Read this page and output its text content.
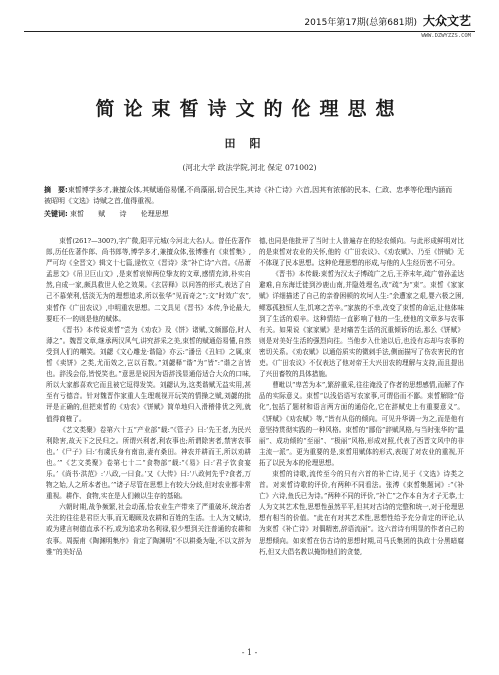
2015年第17期(总第681期) 大众文艺
WWW.DZWYZZS.COM
简论束皙诗文的伦理思想
田阳
(河北大学 政法学院,河北 保定 071002)
摘　要:束皙博学多才,兼擅众体,其赋通俗易懂,不尚藻丽,切合民生,其诗《补亡诗》六首,因其有浓郁的民本、仁政、忠孝等伦理内涵而被昭明《文选》诗赋之首,值得重视。
关键词: 束皙 赋 诗 伦理思想

束皙(261?—300?),字广微,阳平元城(今河北大名)人。曾任佐著作郎,历任佐著作郎、尚书郎等,博学多才,兼擅众体,张博雅有《束皙集》,严可均《全晋文》辑文十七篇,逯钦立《晋诗》录“补亡诗”六首。《吊萧孟思文》《吊卫巨山文》,是束皙哀悼两位挚友的文章,感情充沛,朴实自然,自成一家,颇具救世人伦之效果。《玄居释》以问答的形式,表达了自己不慕荣利,恬淡无为的理想追求,所以张华“见而奇之”;文“时效广农”,束皙作《广田农议》,申明重农思想。二文具见《晋书》本传,争论最大,要旺不一的则是他的赋体。

《晋书》本传说束皙“尝为《劝农》及《饼》诸赋,文颇鄙俗,时人薄之”。魏晋文章,继承两汉风气,讲究辞采之美,束皙的赋通俗易懂,自然受到人们的嘲笑。刘勰《文心雕龙·谐隐》亦云:“潘岳《丑妇》之属,束皙《卖饼》之类,尤而效之,岂以百数。”刘勰释“谐”为“皆”:“谐之言皆也。辞浅会俗,皆悦笑也。”意思是说因为语辞浅显通俗适合大众的口味,所以大家都喜欢它而且被它逗得发笑。刘勰认为,这类谐赋无益实用,甚至有亏德音。针对魏晋作家重人生理观视开玩笑的情操之赋,刘勰的批评是正确的,但把束皙的《劝农》《饼赋》简单地归入滑稽俳优之列,就值得商榷了。

《艺文类聚》卷第六十五“产业部”载:“《管子》曰:‘先王者,为民兴利除害,故天下之民归之。所谓兴利者,利农事也;所谓除害者,禁害农事也。’《尸子》曰:‘有虞氏身有南亩,妻有桑田。神农并耕而王,所以劝耕也。’”《艺文类聚》卷第七十二“食物部”载:“《易》曰:‘君子饮食宴乐。’《尚书·洪范》:‘八政,一曰食。’又《大传》曰:‘八政何先乎?食者,万物之始,人之所本者也。’”诸子尽管在思想上有较大分歧,但对农业都非常重视。耕作、食物,实在是人们赖以生存的基础。

六朝时期,战争频繁,社会动荡,恰农业生产带来了严重破坏,统治者关注的往往是君臣大事,而无暇顾及农耕和百姓的生活。士人为文赋诗,或为建言树德直承不朽,或为追求功名利禄,很少想到关注普通的农耕和农事。周振甫《陶渊明集序》肯定了陶渊明“不以耕桑为耻,不以文辞为雅”的美好品

德,也同是他批评了当时士人普遍存在的轻农倾向。与此形成鲜明对比的是束皙对农业的关怀,他的《广田农议》、《劝农赋》、乃至《饼赋》无不体现了民本思想。这种伦理思想的形成,与他的人生经历密不可分。

《晋书》本传载:束皙为汉太子博疏广之后,王莽末年,疏广曾孙孟达避难,自东海迁徙到沙鹿山南,并隐姓埋名,改“疏”为“束”。束皙《家家赋》详细描述了自己的亲眷困顿的坎坷人生:“余遭家之艰,婴六极之困,鳏寡孤独恒人生,饥寒之苦辛。”家族的不幸,改变了束皙的命运,让他体味到了生活的艰辛。这种情结一直影响了他的一生,使他的文章多与农事有关。如果说《家家赋》是对痛苦生活的沉重倾诉的话,那么《饼赋》则是对美好生活的强烈向往。当他步入仕途以后,也没有忘却与农事的密切关系。《劝农赋》以通俗质实的微刺手法,侧面描写了伤农害民的官吏。《广田农议》不仅表达了他对帝王大兴田农的理解与支持,而且提出了兴田畜牧的具体措施。

曹毗以“卑苦为本”,繁辞重采,往往淹没了作者的思想感情,而解了作品的实际意义。束皙“以浅俗语写农家事,可谓俗而不鄙。束皙解除“俗化”,包括了题材和语言两方面的通俗化,它在辞赋史上有重要意义”。《饼赋》《劝农赋》等,“皆有从俗的倾向。可见升华调一为之,而是他有意坚持贯彻实践的一种风格。束皙的“鄙俗”辞赋风格,与当时张华的“温丽”、成功倾的“至丽”、“极丽”风格,形成对照,代表了西晋文风中的非主流一派”。更为重要的是,束皙用赋体的形式,表现了对农业的重视,开拓了以民为本的伦理思想。

束皙的诗歌,流传至今的只有六首的补亡诗,见于《文选》诗类之首。对束皙诗歌的评价,有两种不同看法。张溥《束皙集题词》:“《补亡》六诗,鱼氏已为诗。”两种不同的评价,“补亡”之作本自为才子无恭,士人为文其艺术性,思想性虽然平平,但其对古诗的完整和统一,对于伦理思想有相当的价值。“此在有对其艺术性,思想性给予充分肯定的评论,认为束皙《补亡诗》对偶精密,辞语流丽”。这六首诗有明显的作者自己的思想倾向。如束皙在仿古诗的思想时期,司马氏集团的执政十分黑暗腐朽,但又大倡名教以掩饰他们的贪婪,

- 1 -
